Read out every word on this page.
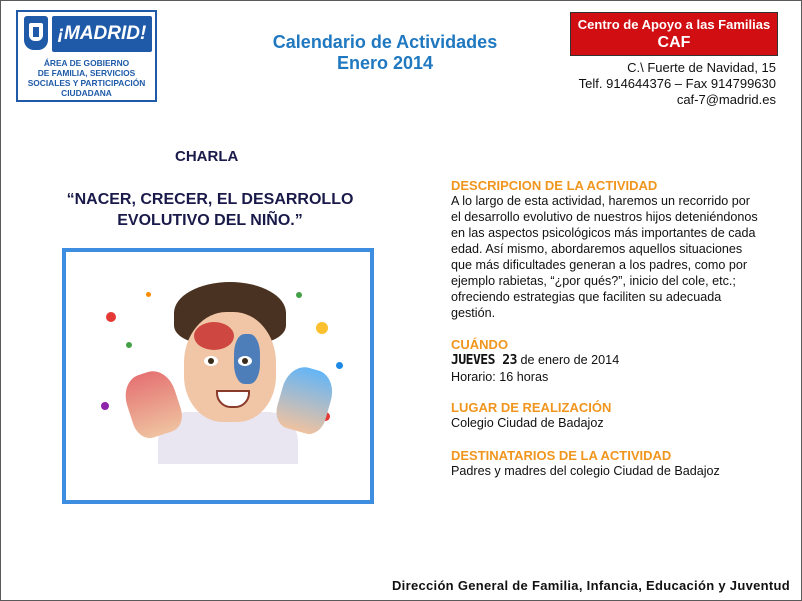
¡MADRID!
ÁREA DE GOBIERNO
DE FAMILIA, SERVICIOS
SOCIALES Y PARTICIPACIÓN
CIUDADANA
Calendario de Actividades
Enero 2014
Centro de Apoyo a las Familias
CAF
C.\ Fuerte de Navidad, 15
Telf. 914644376 – Fax 914799630
caf-7@madrid.es
CHARLA
“NACER, CRECER, EL DESARROLLO
EVOLUTIVO DEL NIÑO.”
DESCRIPCION DE LA ACTIVIDAD
A lo largo de esta actividad, haremos un recorrido por
el desarrollo evolutivo de nuestros hijos deteniéndonos
en las aspectos psicológicos más importantes de cada
edad. Así mismo, abordaremos aquellos situaciones
que más dificultades generan a los padres, como por
ejemplo rabietas, “¿por qués?”, inicio del cole, etc.;
ofreciendo estrategias que faciliten su adecuada
gestión.
CUÁNDO
JUEVES 23 de enero de 2014
Horario: 16 horas
LUGAR DE REALIZACIÓN
Colegio Ciudad de Badajoz
DESTINATARIOS DE LA ACTIVIDAD
Padres y madres del colegio Ciudad de Badajoz
Dirección General de Familia, Infancia, Educación y Juventud
